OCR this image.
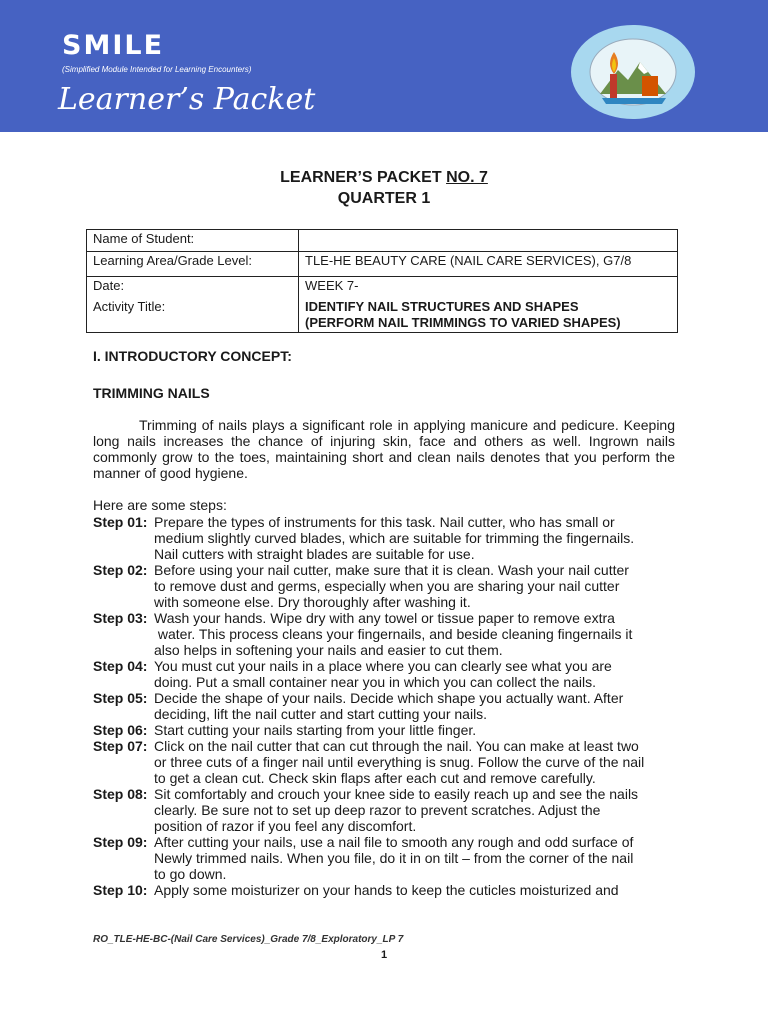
SMILE
(Simplified Module Intended for Learning Encounters)
Learner’s Packet
LEARNER’S PACKET NO. 7
QUARTER 1
Name of Student:	
Learning Area/Grade Level:	TLE-HE BEAUTY CARE (NAIL CARE SERVICES), G7/8
Date:	WEEK 7-
Activity Title:	IDENTIFY NAIL STRUCTURES AND SHAPES
(PERFORM NAIL TRIMMINGS TO VARIED SHAPES)
I. INTRODUCTORY CONCEPT:
TRIMMING NAILS
Trimming of nails plays a significant role in applying manicure and pedicure. Keeping long nails increases the chance of injuring skin, face and others as well. Ingrown nails commonly grow to the toes, maintaining short and clean nails denotes that you perform the manner of good hygiene.
Here are some steps:
Step 01: Prepare the types of instruments for this task. Nail cutter, who has small or
medium slightly curved blades, which are suitable for trimming the fingernails.
Nail cutters with straight blades are suitable for use.
Step 02: Before using your nail cutter, make sure that it is clean. Wash your nail cutter
to remove dust and germs, especially when you are sharing your nail cutter
with someone else. Dry thoroughly after washing it.
Step 03: Wash your hands. Wipe dry with any towel or tissue paper to remove extra
water. This process cleans your fingernails, and beside cleaning fingernails it
also helps in softening your nails and easier to cut them.
Step 04: You must cut your nails in a place where you can clearly see what you are
doing. Put a small container near you in which you can collect the nails.
Step 05: Decide the shape of your nails. Decide which shape you actually want. After
deciding, lift the nail cutter and start cutting your nails.
Step 06: Start cutting your nails starting from your little finger.
Step 07: Click on the nail cutter that can cut through the nail. You can make at least two
or three cuts of a finger nail until everything is snug. Follow the curve of the nail
to get a clean cut. Check skin flaps after each cut and remove carefully.
Step 08: Sit comfortably and crouch your knee side to easily reach up and see the nails
clearly. Be sure not to set up deep razor to prevent scratches. Adjust the
position of razor if you feel any discomfort.
Step 09: After cutting your nails, use a nail file to smooth any rough and odd surface of
Newly trimmed nails. When you file, do it in on tilt – from the corner of the nail
to go down.
Step 10: Apply some moisturizer on your hands to keep the cuticles moisturized and
RO_TLE-HE-BC-(Nail Care Services)_Grade 7/8_Exploratory_LP 7
1
